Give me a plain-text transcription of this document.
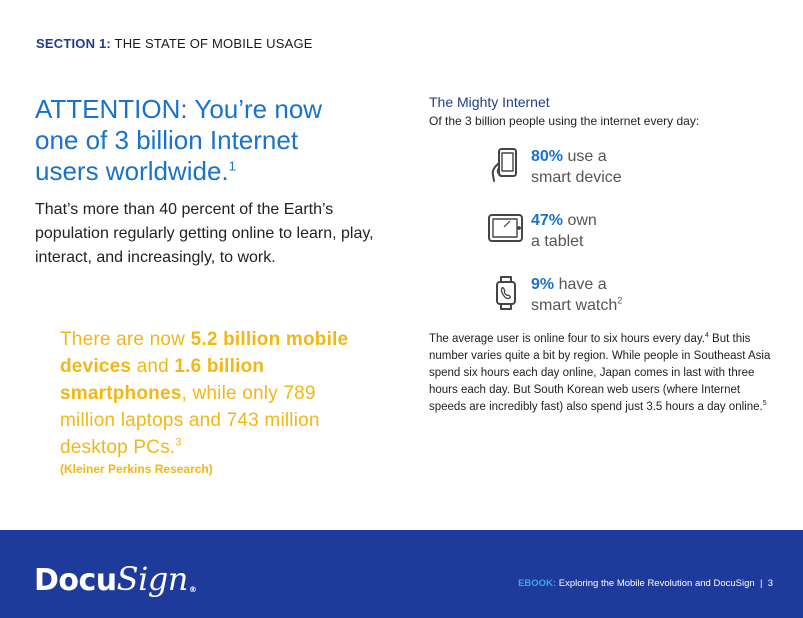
SECTION 1: THE STATE OF MOBILE USAGE
ATTENTION: You’re now one of 3 billion Internet users worldwide.$^1$

That’s more than 40 percent of the Earth’s population regularly getting online to learn, play, interact, and increasingly, to work.

There are now 5.2 billion mobile devices and 1.6 billion smartphones, while only 789 million laptops and 743 million desktop PCs.$^3$

(Kleiner Perkins Research)
The Mighty Internet
Of the 3 billion people using the internet every day:
80% use a
smart device
47% own
a tablet
9% have a
smart watch$^2$

The average user is online four to six hours every day.$^4$ But this number varies quite a bit by region. While people in Southeast Asia spend six hours each day online, Japan comes in last with three hours each day. But South Korean web users (where Internet speeds are incredibly fast) also spend just 3.5 hours a day online.$^5$

DocuSign®
EBOOK: Exploring the Mobile Revolution and DocuSign  |  3
